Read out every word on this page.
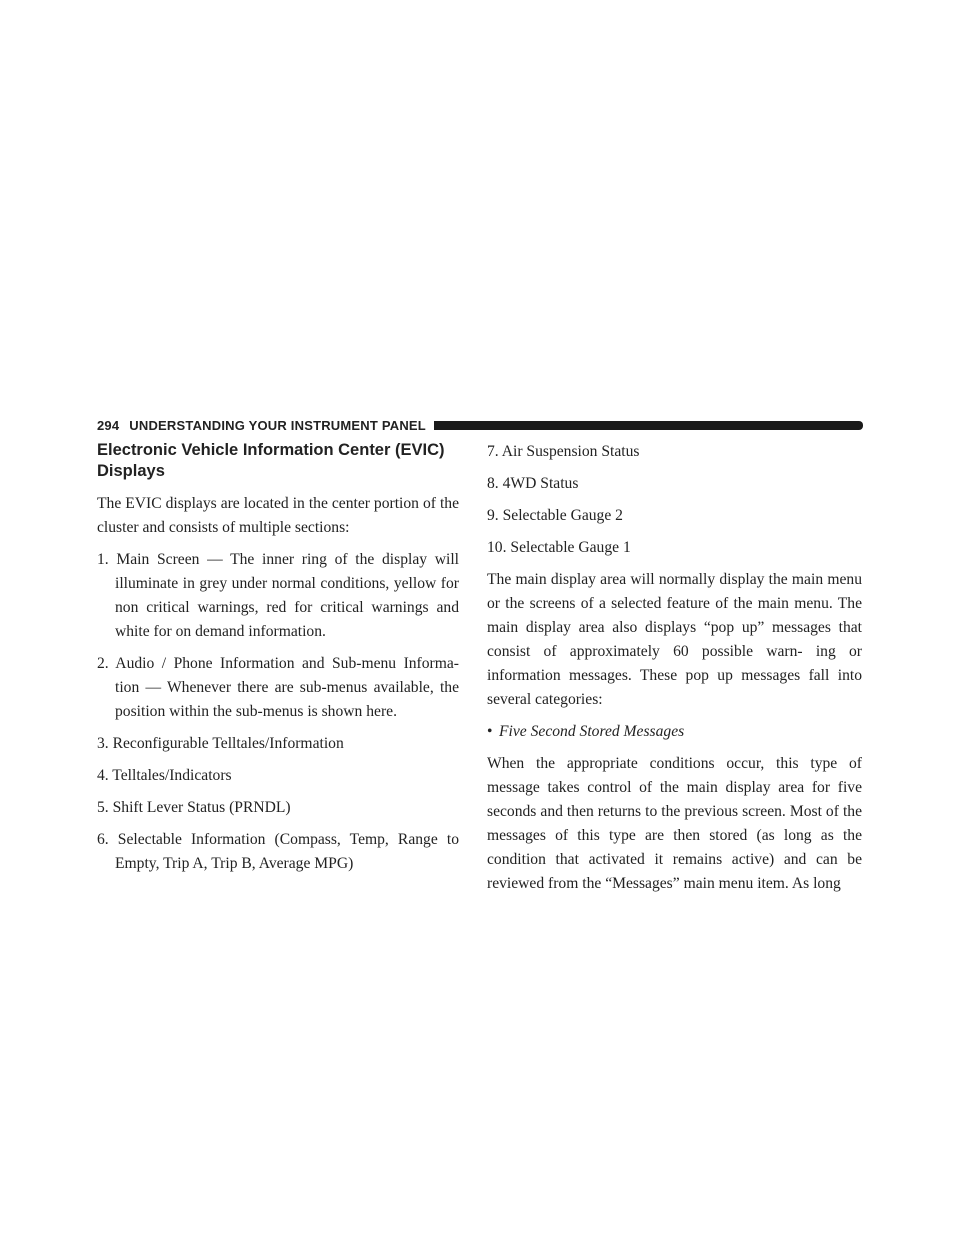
294 UNDERSTANDING YOUR INSTRUMENT PANEL
Electronic Vehicle Information Center (EVIC)
Displays

The EVIC displays are located in the center portion of the cluster and consists of multiple sections:

1. Main Screen — The inner ring of the display will illuminate in grey under normal conditions, yellow for non critical warnings, red for critical warnings and white for on demand information.
2. Audio / Phone Information and Sub-menu Informa- tion — Whenever there are sub-menus available, the position within the sub-menus is shown here.
3. Reconfigurable Telltales/Information
4. Telltales/Indicators
5. Shift Lever Status (PRNDL)
6. Selectable Information (Compass, Temp, Range to Empty, Trip A, Trip B, Average MPG)
7. Air Suspension Status
8. 4WD Status
9. Selectable Gauge 2
10. Selectable Gauge 1

The main display area will normally display the main menu or the screens of a selected feature of the main menu. The main display area also displays “pop up” messages that consist of approximately 60 possible warn- ing or information messages. These pop up messages fall into several categories:

• Five Second Stored Messages

When the appropriate conditions occur, this type of message takes control of the main display area for five seconds and then returns to the previous screen. Most of the messages of this type are then stored (as long as the condition that activated it remains active) and can be reviewed from the “Messages” main menu item. As long
